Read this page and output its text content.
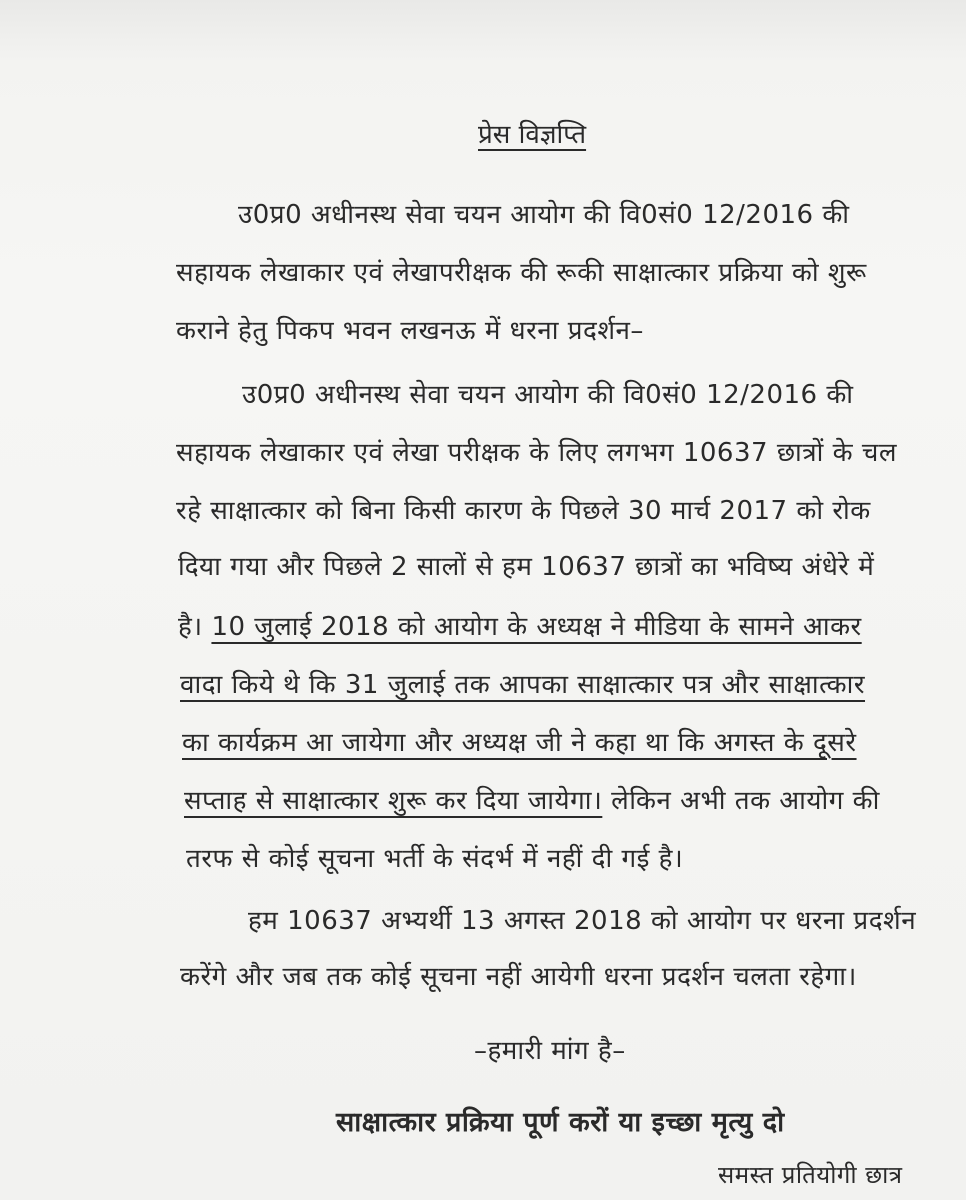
प्रेस विज्ञप्ति
उ0प्र0 अधीनस्थ सेवा चयन आयोग की वि0सं0 12/2016 की
सहायक लेखाकार एवं लेखापरीक्षक की रूकी साक्षात्कार प्रक्रिया को शुरू
कराने हेतु पिकप भवन लखनऊ में धरना प्रदर्शन–
उ0प्र0 अधीनस्थ सेवा चयन आयोग की वि0सं0 12/2016 की
सहायक लेखाकार एवं लेखा परीक्षक के लिए लगभग 10637 छात्रों के चल
रहे साक्षात्कार को बिना किसी कारण के पिछले 30 मार्च 2017 को रोक
दिया गया और पिछले 2 सालों से हम 10637 छात्रों का भविष्य अंधेरे में
है। 10 जुलाई 2018 को आयोग के अध्यक्ष ने मीडिया के सामने आकर
वादा किये थे कि 31 जुलाई तक आपका साक्षात्कार पत्र और साक्षात्कार
का कार्यक्रम आ जायेगा और अध्यक्ष जी ने कहा था कि अगस्त के दूसरे
सप्ताह से साक्षात्कार शुरू कर दिया जायेगा। लेकिन अभी तक आयोग की
तरफ से कोई सूचना भर्ती के संदर्भ में नहीं दी गई है।
हम 10637 अभ्यर्थी 13 अगस्त 2018 को आयोग पर धरना प्रदर्शन
करेंगे और जब तक कोई सूचना नहीं आयेगी धरना प्रदर्शन चलता रहेगा।
–हमारी मांग है–
साक्षात्कार प्रक्रिया पूर्ण करों या इच्छा मृत्यु दो
समस्त प्रतियोगी छात्र
